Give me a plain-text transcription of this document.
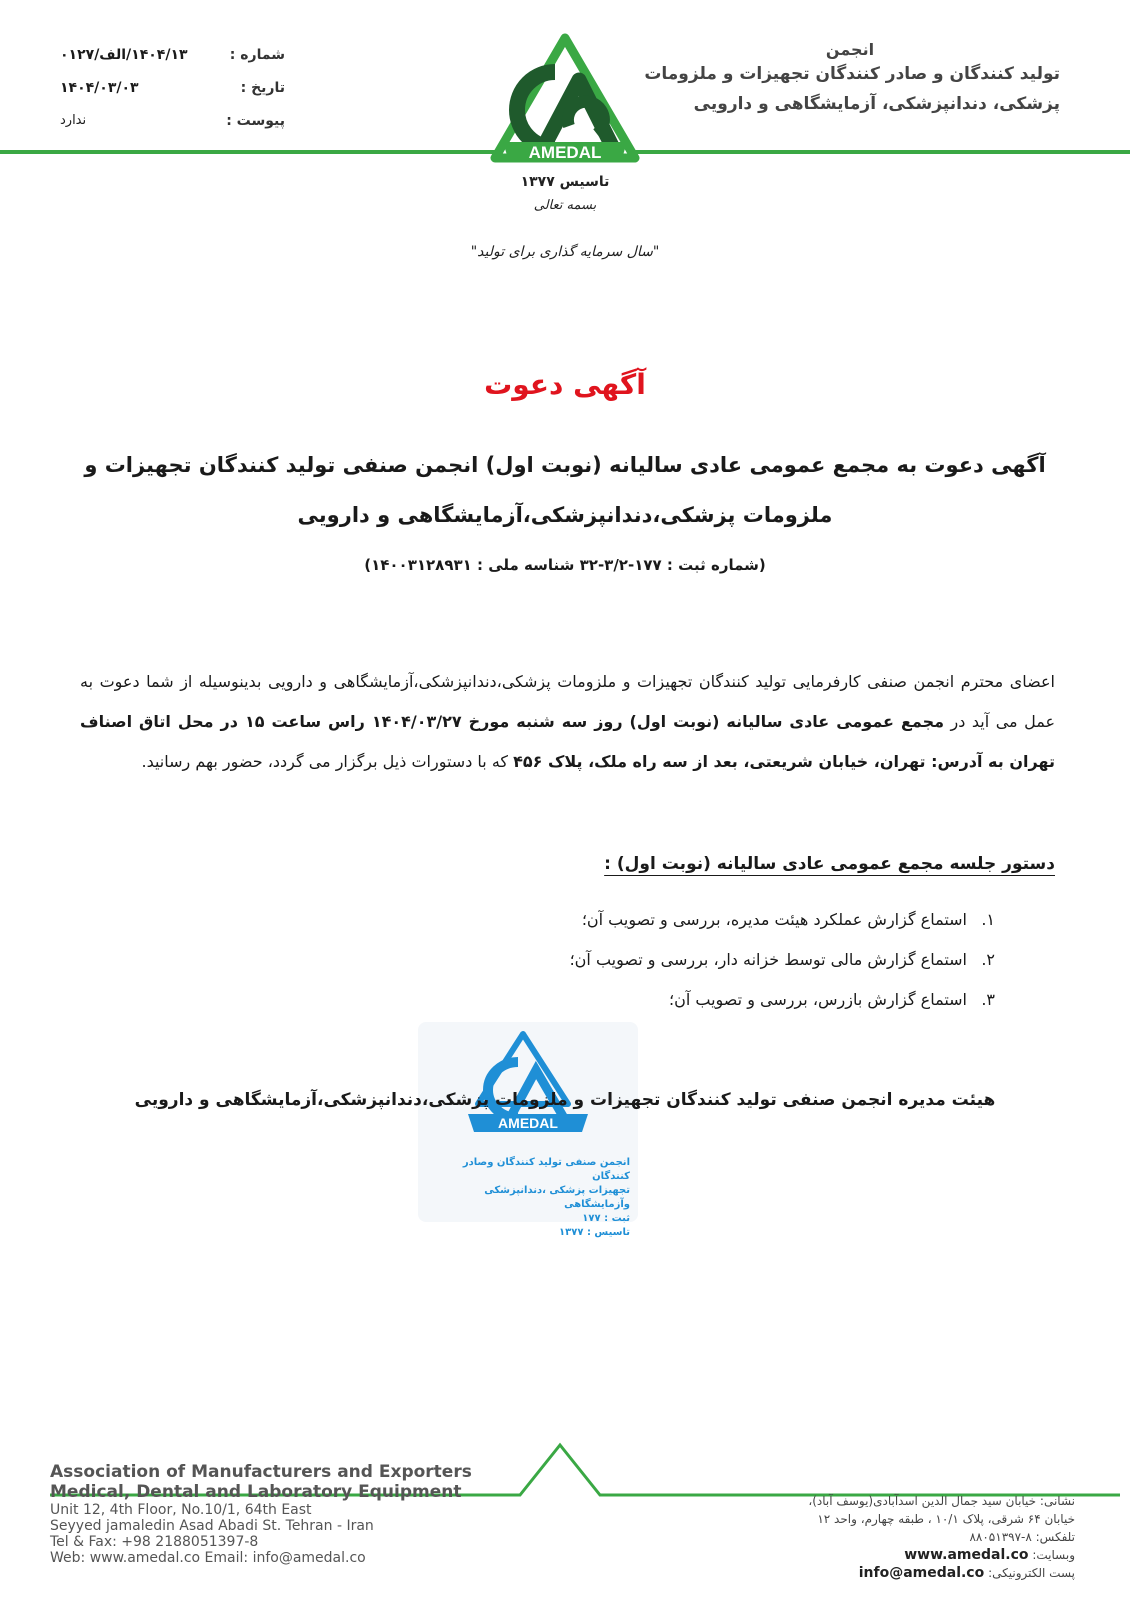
شماره :
۱۴۰۴/۱۳/الف/۰۱۲۷
تاریخ :
۱۴۰۴/۰۳/۰۳
پیوست :
ندارد
انجمن
تولید کنندگان و صادر کنندگان تجهیزات و ملزومات
پزشکی، دندانپزشکی، آزمایشگاهی و دارویی
AMEDAL
تاسیس ۱۳۷۷
بسمه تعالی
"سال سرمایه گذاری برای تولید"
آگهی دعوت
آگهی دعوت به مجمع عمومی عادی سالیانه (نوبت اول) انجمن صنفی تولید کنندگان تجهیزات و ملزومات پزشکی،دندانپزشکی،آزمایشگاهی و دارویی
(شماره ثبت : ۱۷۷-۳/۲-۳۲ شناسه ملی : ۱۴۰۰۳۱۲۸۹۳۱)
اعضای محترم انجمن صنفی کارفرمایی تولید کنندگان تجهیزات و ملزومات پزشکی،دندانپزشکی،آزمایشگاهی و دارویی بدینوسیله از شما دعوت به عمل می آید در مجمع عمومی عادی سالیانه (نوبت اول) روز سه شنبه مورخ ۱۴۰۴/۰۳/۲۷ راس ساعت ۱۵ در محل اتاق اصناف تهران به آدرس: تهران، خیابان شریعتی، بعد از سه راه ملک، پلاک ۴۵۶ که با دستورات ذیل برگزار می گردد، حضور بهم رسانید.
دستور جلسه مجمع عمومی عادی سالیانه (نوبت اول) :
۱.
استماع گزارش عملکرد هیئت مدیره، بررسی و تصویب آن؛
۲.
استماع گزارش مالی توسط خزانه دار، بررسی و تصویب آن؛
۳.
استماع گزارش بازرس، بررسی و تصویب آن؛
AMEDAL
انجمن صنفی تولید کنندگان وصادر کنندگان
تجهیزات پزشکی ،دندانپزشکی وآزمایشگاهی
ثبت : ۱۷۷
تاسیس : ۱۳۷۷
هیئت مدیره انجمن صنفی تولید کنندگان تجهیزات و ملزومات پزشکی،دندانپزشکی،آزمایشگاهی و دارویی
Association of Manufacturers and Exporters
Medical, Dental and Laboratory Equipment
Unit 12, 4th Floor, No.10/1, 64th East
Seyyed jamaledin Asad Abadi St. Tehran - Iran
Tel & Fax: +98 2188051397-8
Web: www.amedal.co Email: info@amedal.co
نشانی: خیابان سید جمال الدین اسدآبادی(یوسف آباد)،
خیابان ۶۴ شرقی، پلاک ۱۰/۱ ، طبقه چهارم، واحد ۱۲
تلفکس: ۸-۸۸۰۵۱۳۹۷
وبسایت: www.amedal.co
پست الکترونیکی: info@amedal.co
